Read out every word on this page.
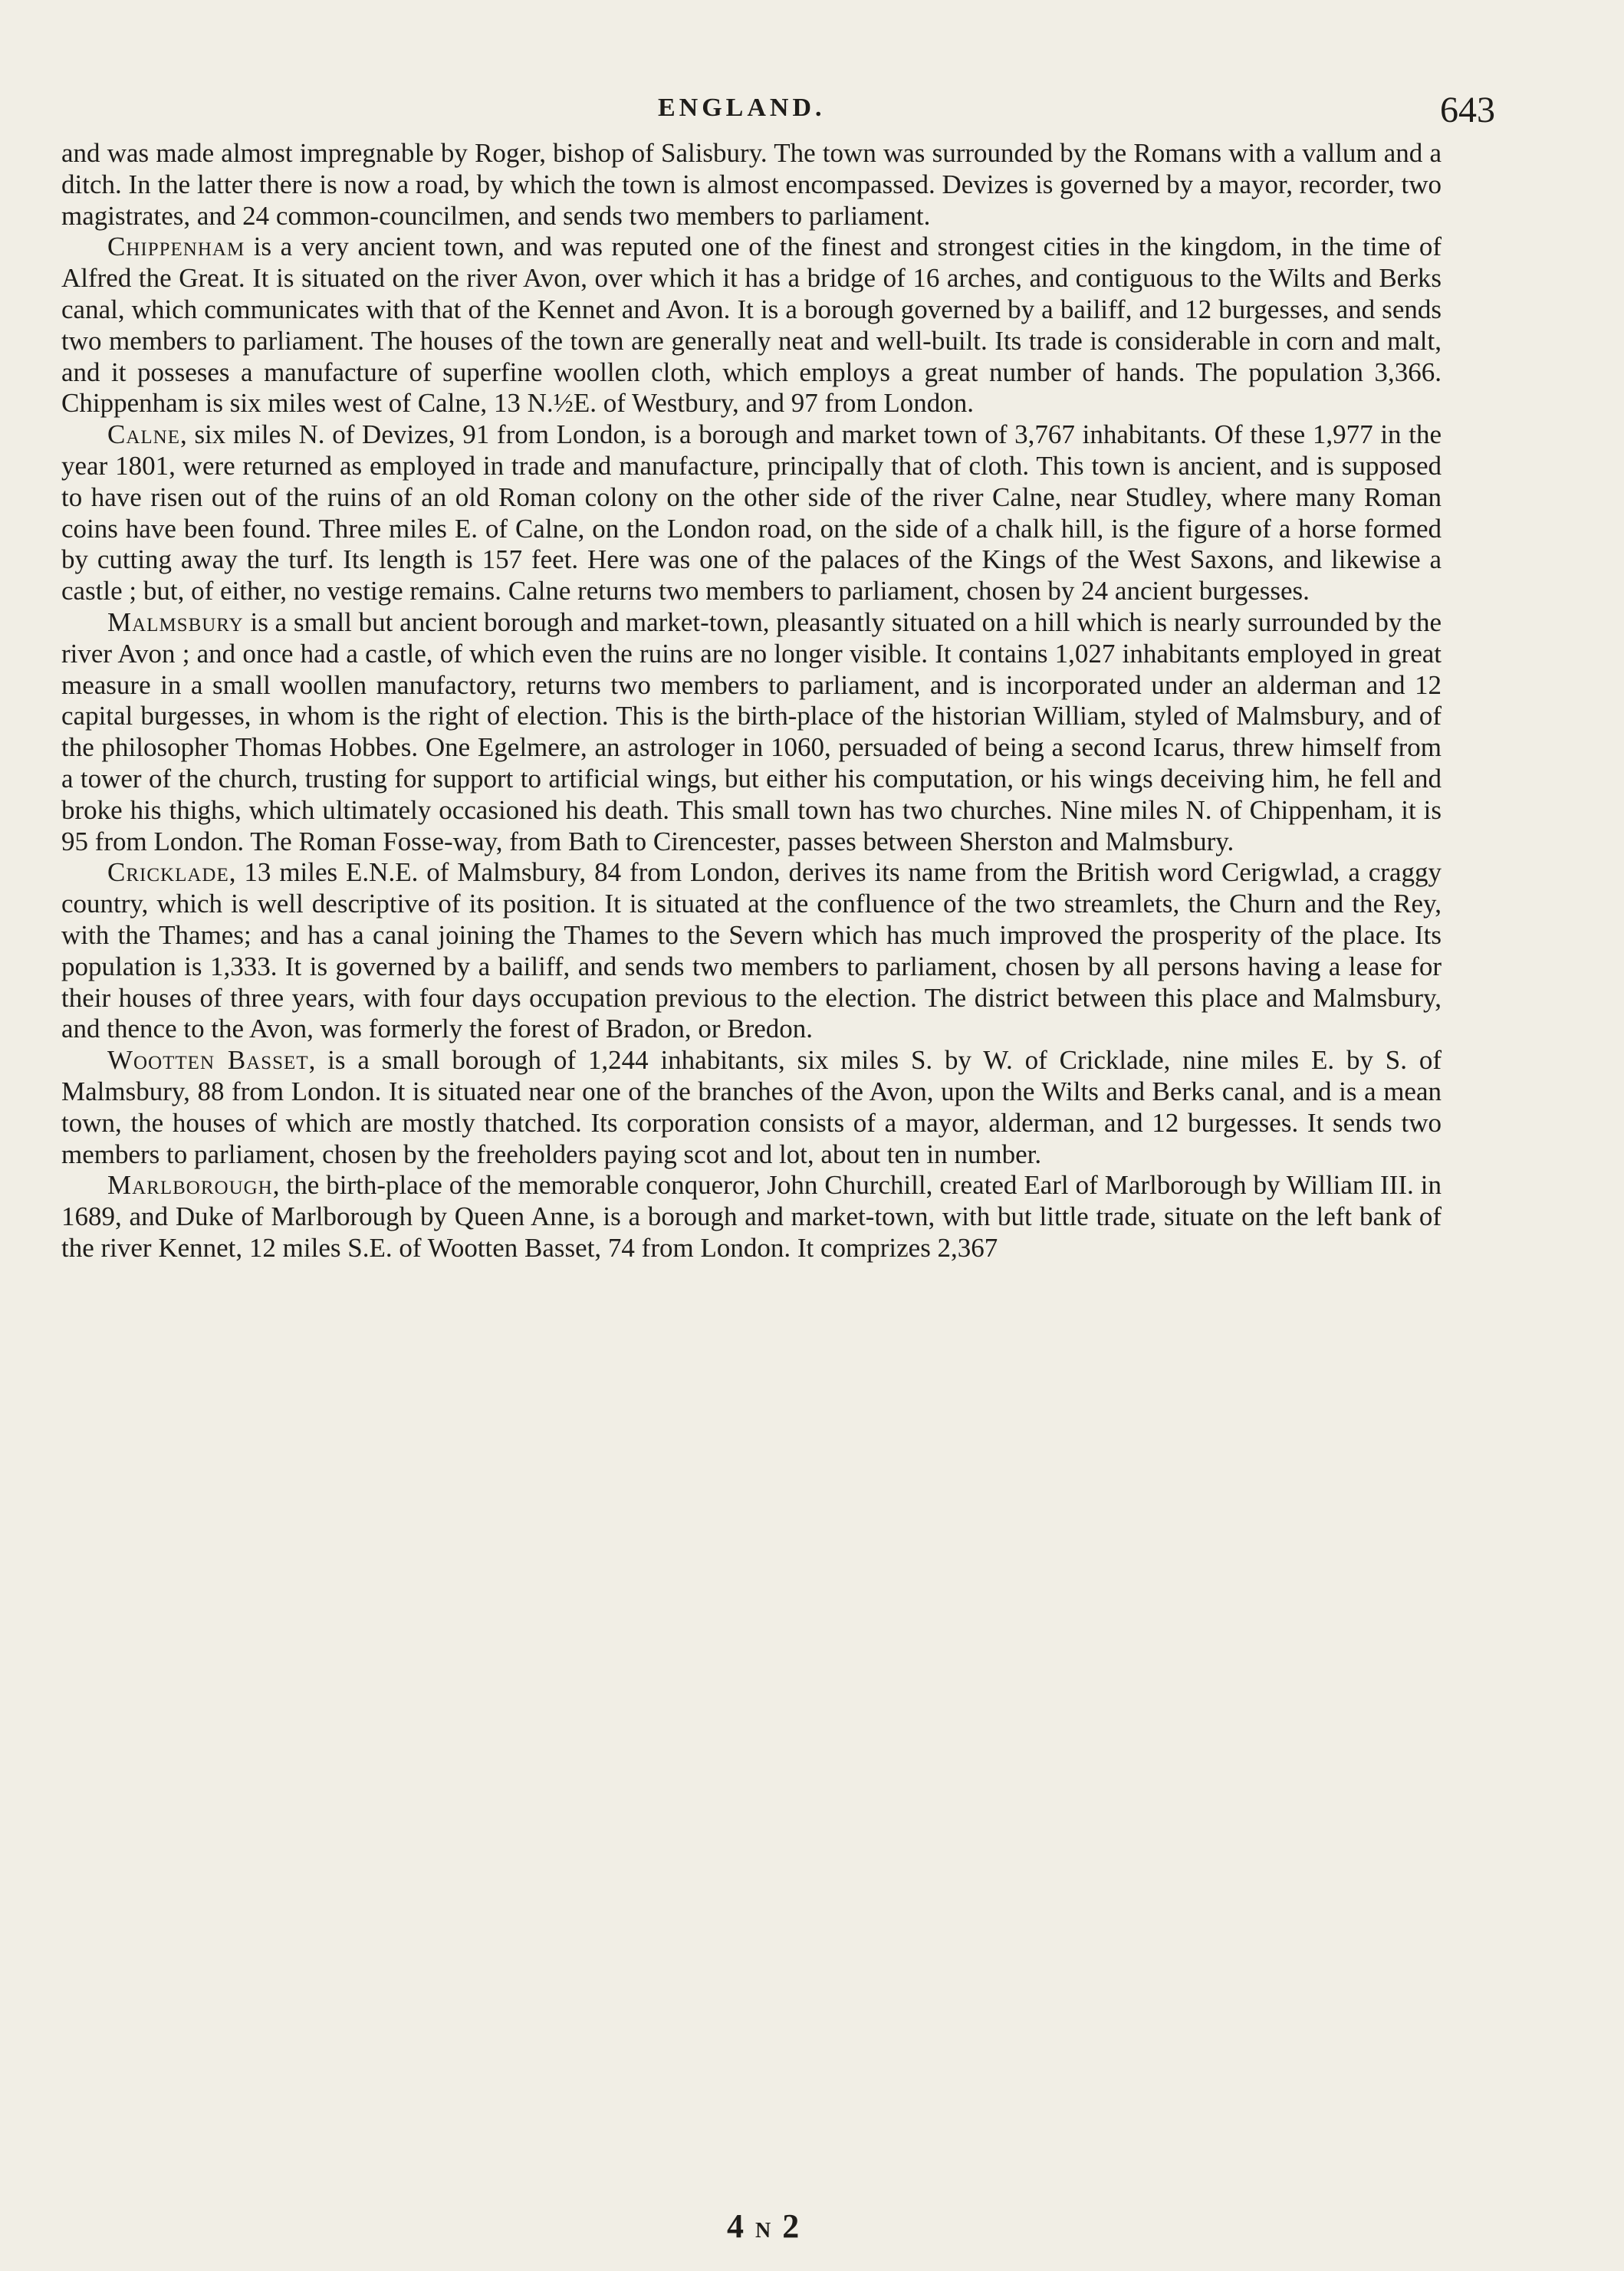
ENGLAND.	643

and was made almost impregnable by Roger, bishop of Salisbury. The town was surrounded by the Romans with a vallum and a ditch. In the latter there is now a road, by which the town is almost encompassed. Devizes is governed by a mayor, recorder, two magistrates, and 24 common-councilmen, and sends two members to parliament.

Chippenham is a very ancient town, and was reputed one of the finest and strongest cities in the kingdom, in the time of Alfred the Great. It is situated on the river Avon, over which it has a bridge of 16 arches, and contiguous to the Wilts and Berks canal, which communicates with that of the Kennet and Avon. It is a borough governed by a bailiff, and 12 burgesses, and sends two members to parliament. The houses of the town are generally neat and well-built. Its trade is considerable in corn and malt, and it posseses a manufacture of superfine woollen cloth, which employs a great number of hands. The population 3,366. Chippenham is six miles west of Calne, 13 N.½E. of Westbury, and 97 from London.

Calne, six miles N. of Devizes, 91 from London, is a borough and market town of 3,767 inhabitants. Of these 1,977 in the year 1801, were returned as employed in trade and manufacture, principally that of cloth. This town is ancient, and is supposed to have risen out of the ruins of an old Roman colony on the other side of the river Calne, near Studley, where many Roman coins have been found. Three miles E. of Calne, on the London road, on the side of a chalk hill, is the figure of a horse formed by cutting away the turf. Its length is 157 feet. Here was one of the palaces of the Kings of the West Saxons, and likewise a castle ; but, of either, no vestige remains. Calne returns two members to parliament, chosen by 24 ancient burgesses.

Malmsbury is a small but ancient borough and market-town, pleasantly situated on a hill which is nearly surrounded by the river Avon ; and once had a castle, of which even the ruins are no longer visible. It contains 1,027 inhabitants employed in great measure in a small woollen manufactory, returns two members to parliament, and is incorporated under an alderman and 12 capital burgesses, in whom is the right of election. This is the birth-place of the historian William, styled of Malmsbury, and of the philosopher Thomas Hobbes. One Egelmere, an astrologer in 1060, persuaded of being a second Icarus, threw himself from a tower of the church, trusting for support to artificial wings, but either his computation, or his wings deceiving him, he fell and broke his thighs, which ultimately occasioned his death. This small town has two churches. Nine miles N. of Chippenham, it is 95 from London. The Roman Fosse-way, from Bath to Cirencester, passes between Sherston and Malmsbury.

Cricklade, 13 miles E.N.E. of Malmsbury, 84 from London, derives its name from the British word Cerigwlad, a craggy country, which is well descriptive of its position. It is situated at the confluence of the two streamlets, the Churn and the Rey, with the Thames; and has a canal joining the Thames to the Severn which has much improved the prosperity of the place. Its population is 1,333. It is governed by a bailiff, and sends two members to parliament, chosen by all persons having a lease for their houses of three years, with four days occupation previous to the election. The district between this place and Malmsbury, and thence to the Avon, was formerly the forest of Bradon, or Bredon.

Wootten Basset, is a small borough of 1,244 inhabitants, six miles S. by W. of Cricklade, nine miles E. by S. of Malmsbury, 88 from London. It is situated near one of the branches of the Avon, upon the Wilts and Berks canal, and is a mean town, the houses of which are mostly thatched. Its corporation consists of a mayor, alderman, and 12 burgesses. It sends two members to parliament, chosen by the freeholders paying scot and lot, about ten in number.

Marlborough, the birth-place of the memorable conqueror, John Churchill, created Earl of Marlborough by William III. in 1689, and Duke of Marlborough by Queen Anne, is a borough and market-town, with but little trade, situate on the left bank of the river Kennet, 12 miles S.E. of Wootten Basset, 74 from London. It comprizes 2,367

4 N 2
